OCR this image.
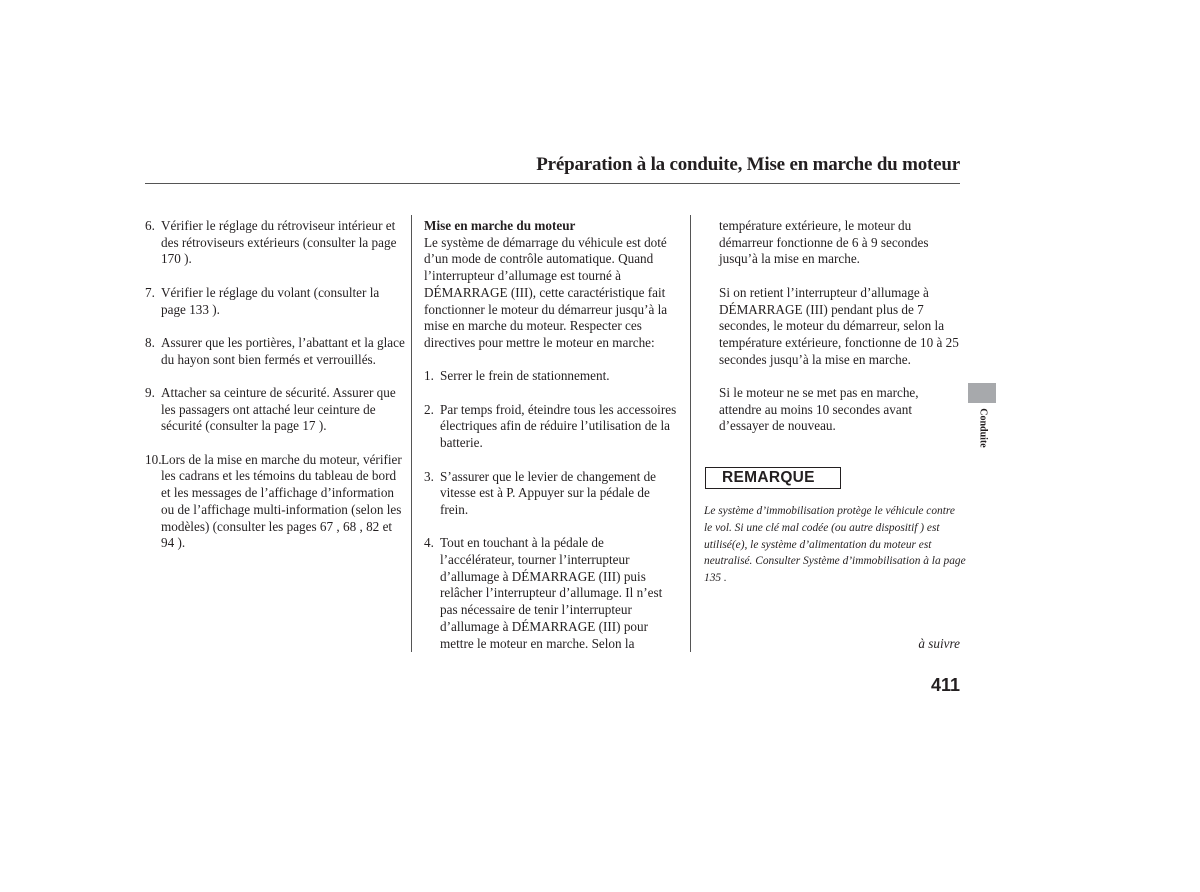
Préparation à la conduite, Mise en marche du moteur
6. Vérifier le réglage du rétroviseur intérieur et des rétroviseurs extérieurs (consulter la page 170 ).
7. Vérifier le réglage du volant (consulter la page 133 ).
8. Assurer que les portières, l’abattant et la glace du hayon sont bien fermés et verrouillés.
9. Attacher sa ceinture de sécurité. Assurer que les passagers ont attaché leur ceinture de sécurité (consulter la page 17 ).
10. Lors de la mise en marche du moteur, vérifier les cadrans et les témoins du tableau de bord et les messages de l’affichage d’information ou de l’affichage multi-information (selon les modèles) (consulter les pages 67 , 68 , 82 et 94 ).
Mise en marche du moteur

Le système de démarrage du véhicule est doté d’un mode de contrôle automatique. Quand l’interrupteur d’allumage est tourné à DÉMARRAGE (III), cette caractéristique fait fonctionner le moteur du démarreur jusqu’à la mise en marche du moteur. Respecter ces directives pour mettre le moteur en marche:

1. Serrer le frein de stationnement.
2. Par temps froid, éteindre tous les accessoires électriques afin de réduire l’utilisation de la batterie.
3. S’assurer que le levier de changement de vitesse est à P. Appuyer sur la pédale de frein.
4. Tout en touchant à la pédale de l’accélérateur, tourner l’interrupteur d’allumage à DÉMARRAGE (III) puis relâcher l’interrupteur d’allumage. Il n’est pas nécessaire de tenir l’interrupteur d’allumage à DÉMARRAGE (III) pour mettre le moteur en marche. Selon la

température extérieure, le moteur du démarreur fonctionne de 6 à 9 secondes jusqu’à la mise en marche.

Si on retient l’interrupteur d’allumage à DÉMARRAGE (III) pendant plus de 7 secondes, le moteur du démarreur, selon la température extérieure, fonctionne de 10 à 25 secondes jusqu’à la mise en marche.

Si le moteur ne se met pas en marche, attendre au moins 10 secondes avant d’essayer de nouveau.

REMARQUE
Le système d’immobilisation protège le véhicule contre le vol. Si une clé mal codée (ou autre dispositif ) est utilisé(e), le système d’alimentation du moteur est neutralisé. Consulter Système d’immobilisation à la page 135 .
à suivre
411
Conduite
